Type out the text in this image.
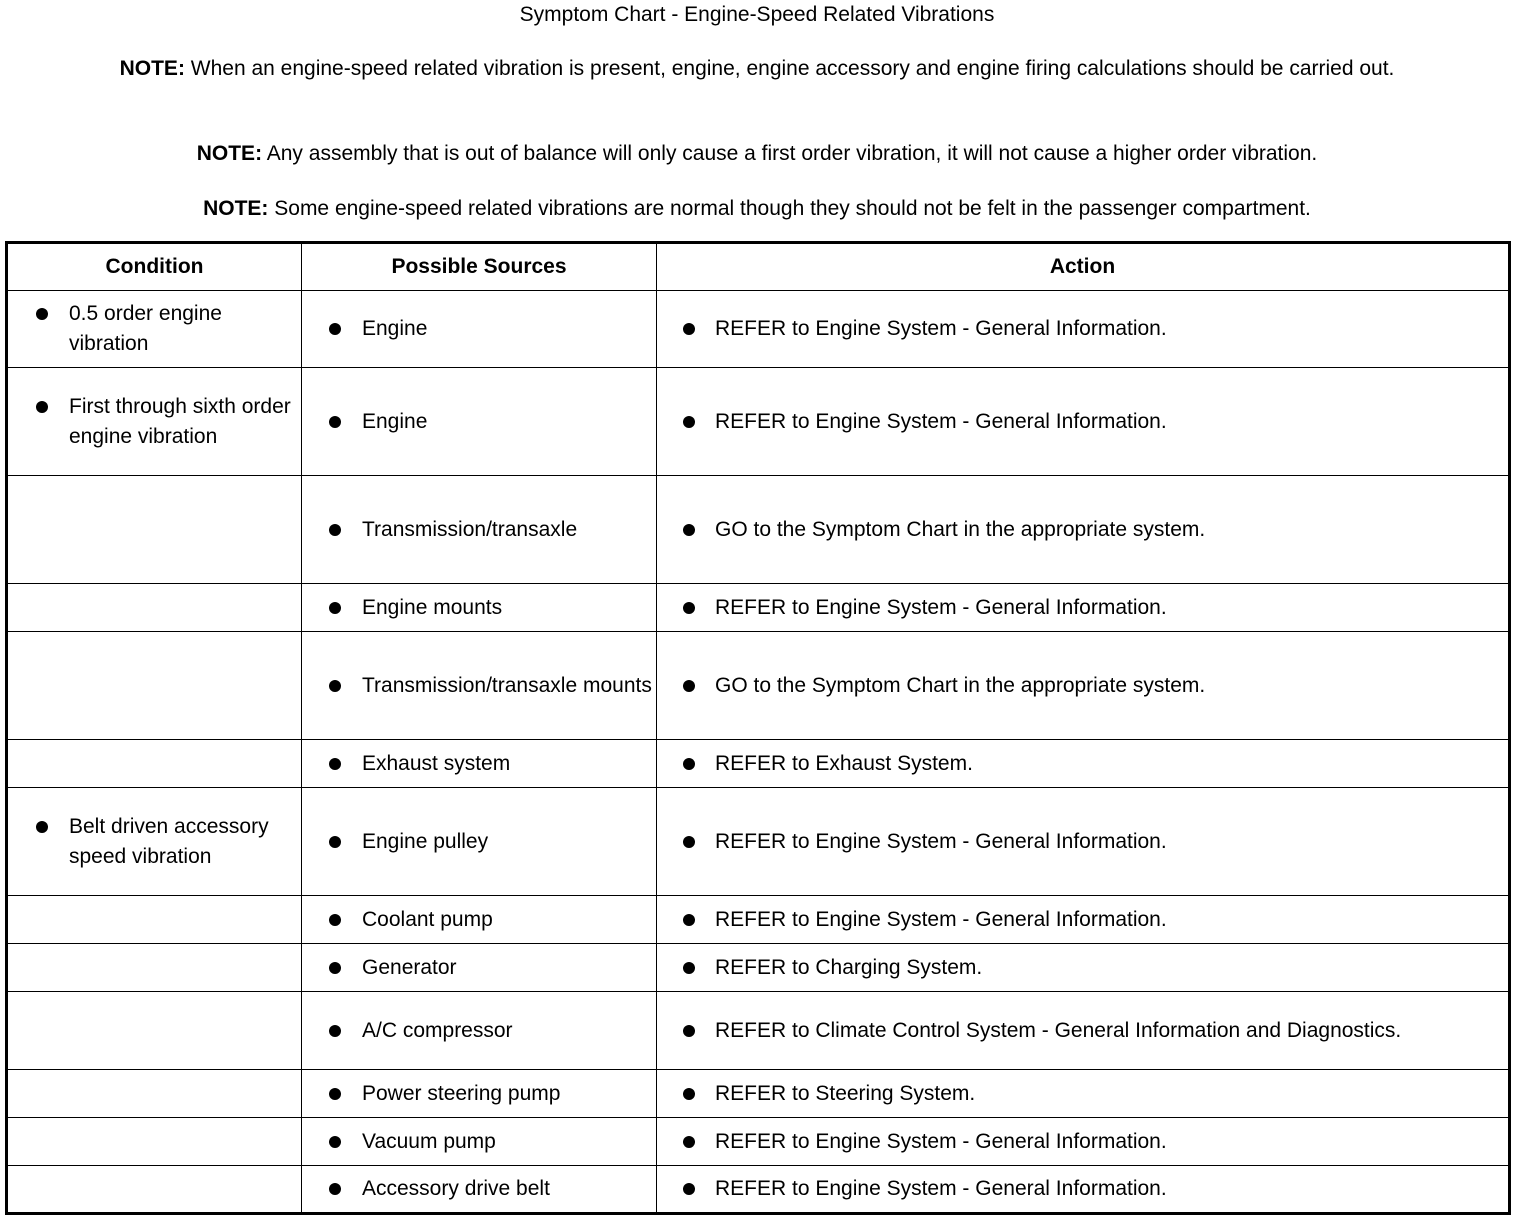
Symptom Chart - Engine-Speed Related Vibrations
NOTE: When an engine-speed related vibration is present, engine, engine accessory and engine firing calculations should be carried out.
NOTE: Any assembly that is out of balance will only cause a first order vibration, it will not cause a higher order vibration.
NOTE: Some engine-speed related vibrations are normal though they should not be felt in the passenger compartment.
Condition	Possible Sources	Action

0.5 order engine vibration	Engine	REFER to Engine System - General Information.

First through sixth order engine vibration	Engine	REFER to Engine System - General Information.

	Transmission/transaxle	GO to the Symptom Chart in the appropriate system.

	Engine mounts	REFER to Engine System - General Information.

	Transmission/transaxle mounts	GO to the Symptom Chart in the appropriate system.

	Exhaust system	REFER to Exhaust System.

Belt driven accessory speed vibration	Engine pulley	REFER to Engine System - General Information.

	Coolant pump	REFER to Engine System - General Information.

	Generator	REFER to Charging System.

	A/C compressor	REFER to Climate Control System - General Information and Diagnostics.

	Power steering pump	REFER to Steering System.

	Vacuum pump	REFER to Engine System - General Information.

	Accessory drive belt	REFER to Engine System - General Information.
